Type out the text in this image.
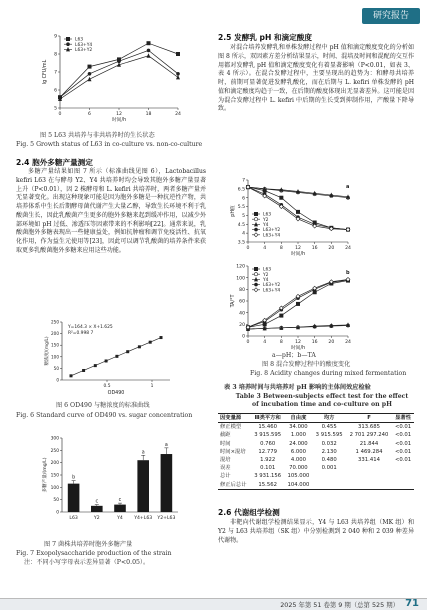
研究报告
5
6
7
8
9
0	6	12	18	24
时间/h
lg CFU/mL
L63
L63+Y4
L63+Y2
图 5 L63 共培养与非共培养时的生长状态
Fig. 5 Growth status of L63 in co-culture vs. non-co-culture
2.4 胞外多糖产量测定
多糖产量结果如图 7 所示（标准曲线见图 6），Lactobacillus kefiri L63 在与酵母 Y2、Y4 共培养时均会导致其胞外多糖产量显著上升（P<0.01），因 2 株酵母和 L. kefiri 共培养时，两者多糖产量并无显著变化。出现这种现象可能是因为胞外多糖是一种抗逆性产物，共培养体系中生长后期酵母菌代谢产生大量乙醇，导致生长环境不利于乳酸菌生长，因此乳酸菌产生更多的胞外多糖来起到缓冲作用，以减少外部环境如 pH 过低、渗透压等因素带来的不利影响[22]。通常来说，乳酸菌胞外多糖表现出一些健康益处，例如抗肿瘤和调节免疫活性、抗氧化作用，作为益生元使用等[23]，因此可以调节乳酸菌的培养条件来获取更多乳酸菌胞外多糖来应用这些功能。
0
50
100
150
200
250
0.5	1
OD490
糖浓度/(mg/L)
Y=164.3 × X+1.625
R²=0.998 7
图 6 OD490 与糖浓度的标准曲线
Fig. 6 Standard curve of OD490 vs. sugar concentration
0
50
100
150
200
250
300
多糖产量/(mg/L)	b
L63
c
Y2
c
Y4
a
Y4+L63
a
Y2+L63
图 7 菌株共培养时胞外多糖产量
Fig. 7 Exopolysaccharide production of the strain
注：不同小写字母表示差异显著（P<0.05）。
2.5 发酵乳 pH 和滴定酸度
对混合培养发酵乳和单株发酵过程中 pH 值和滴定酸度变化的分析如图 8 所示，双因素方差分析结果显示，时间、混培及时间和混配的交互作用都对发酵乳 pH 值和滴定酸度变化有着显著影响（P<0.01，如表 3、表 4 所示）。在混合发酵过程中，主要呈现出的趋势为：和酵母共培养时，前期可显著促进发酵乳酸化，而在后期与 L. kefiri 单株发酵的 pH 值和滴定酸度均趋于一致，在后期的酸度体现出无显著差异。这可能是因为混合发酵过程中 L. kefiri 中后期的生长受到抑制作用，产酸量下降导致。
3.5
4
4.5
5
5.5
6
6.5
7
0	4	8	12 16 20 24
时间/h
pH值	L63
Y2
Y4
L63+Y2
L63+Y4
a
0
20
40
60
80
100
120
0	4	8	12 16 20 24
时间/h
TA/°T
L63
Y2
Y4
L63+Y2
L63+Y4
b
a—pH；b—TA
图 8 混合发酵过程中的酸度变化
Fig. 8 Acidity changes during mixed fermentation
表 3 培养时间与共培养对 pH 影响的主体间效应检验
Table 3 Between-subjects effect test for the effect of incubation time and co-culture on pH
因变量源	Ⅲ类平方和	自由度	均方	F	显著性
修正模型	15.460	34.000	0.455	313.685	<0.01
截距	3 915.595	1.000	3 915.595	2 701 297.240	<0.01
时间	0.760	24.000	0.032	21.844	<0.01
时间×混培	12.779	6.000	2.130	1 469.284	<0.01
混培	1.922	4.000	0.480	331.414	<0.01
误差	0.101	70.000	0.001		
总计	3 931.156	105.000			
修正后总计	15.562	104.000			
2.6 代谢组学检测
非靶向代谢组学检测结果显示，Y4 与 L63 共培养组（MK 组）和 Y2 与 L63 共培养组（SK 组）中分别检测到 2 040 种和 2 039 种差异代谢物。
2025 年第 51 卷第 9 期（总第 525 期） 71
